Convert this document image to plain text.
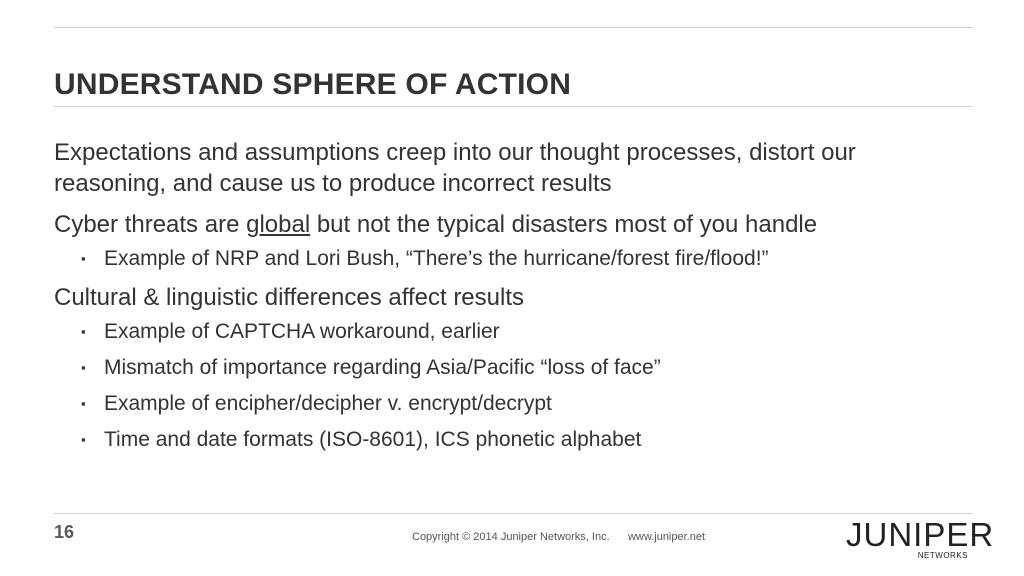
UNDERSTAND SPHERE OF ACTION

Expectations and assumptions creep into our thought processes, distort our reasoning, and cause us to produce incorrect results

Cyber threats are global but not the typical disasters most of you handle

▪ Example of NRP and Lori Bush, “There’s the hurricane/forest fire/flood!”

Cultural & linguistic differences affect results

▪ Example of CAPTCHA workaround, earlier
▪ Mismatch of importance regarding Asia/Pacific “loss of face”
▪ Example of encipher/decipher v. encrypt/decrypt
▪ Time and date formats (ISO-8601), ICS phonetic alphabet
16	Copyright © 2014 Juniper Networks, Inc.      www.juniper.net	JUNIPER
NETWORKS
